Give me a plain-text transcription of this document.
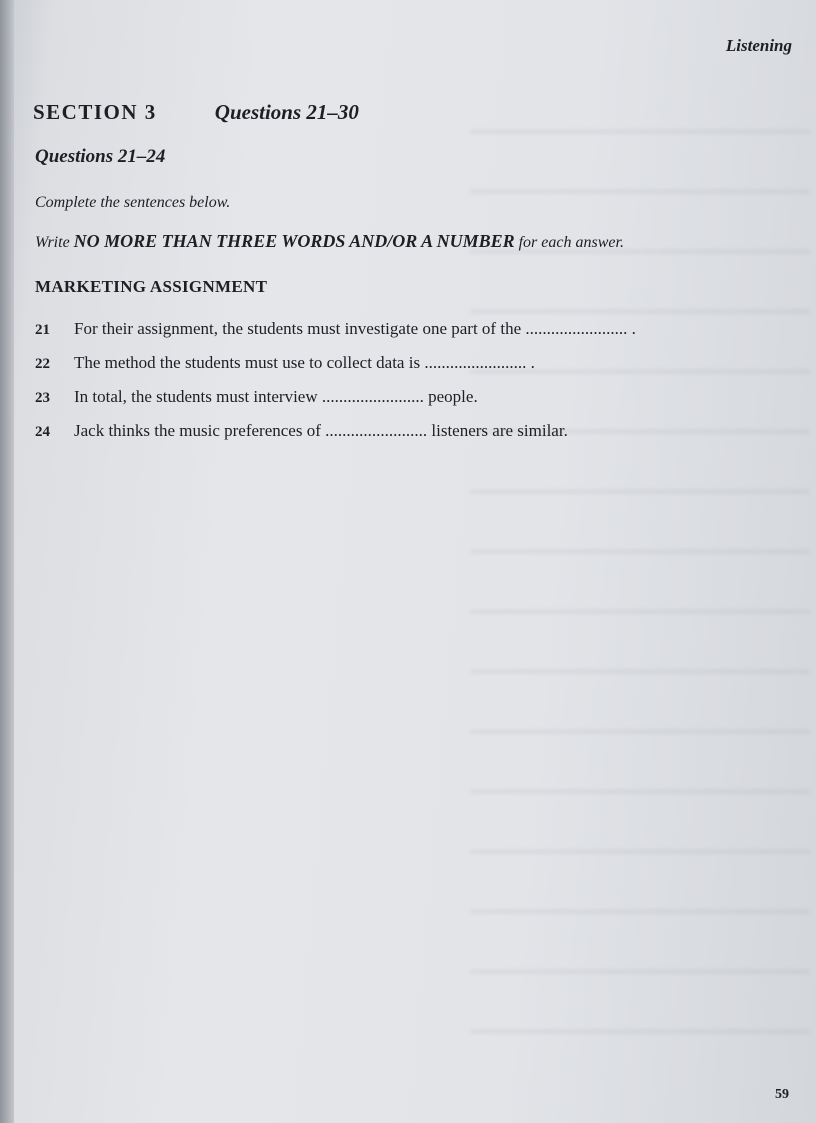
Listening
SECTION 3	Questions 21–30
Questions 21–24
Complete the sentences below.
Write NO MORE THAN THREE WORDS AND/OR A NUMBER for each answer.
MARKETING ASSIGNMENT
21	For their assignment, the students must investigate one part of the ........................ .
22	The method the students must use to collect data is ........................ .
23	In total, the students must interview ........................ people.
24	Jack thinks the music preferences of ........................ listeners are similar.
59
